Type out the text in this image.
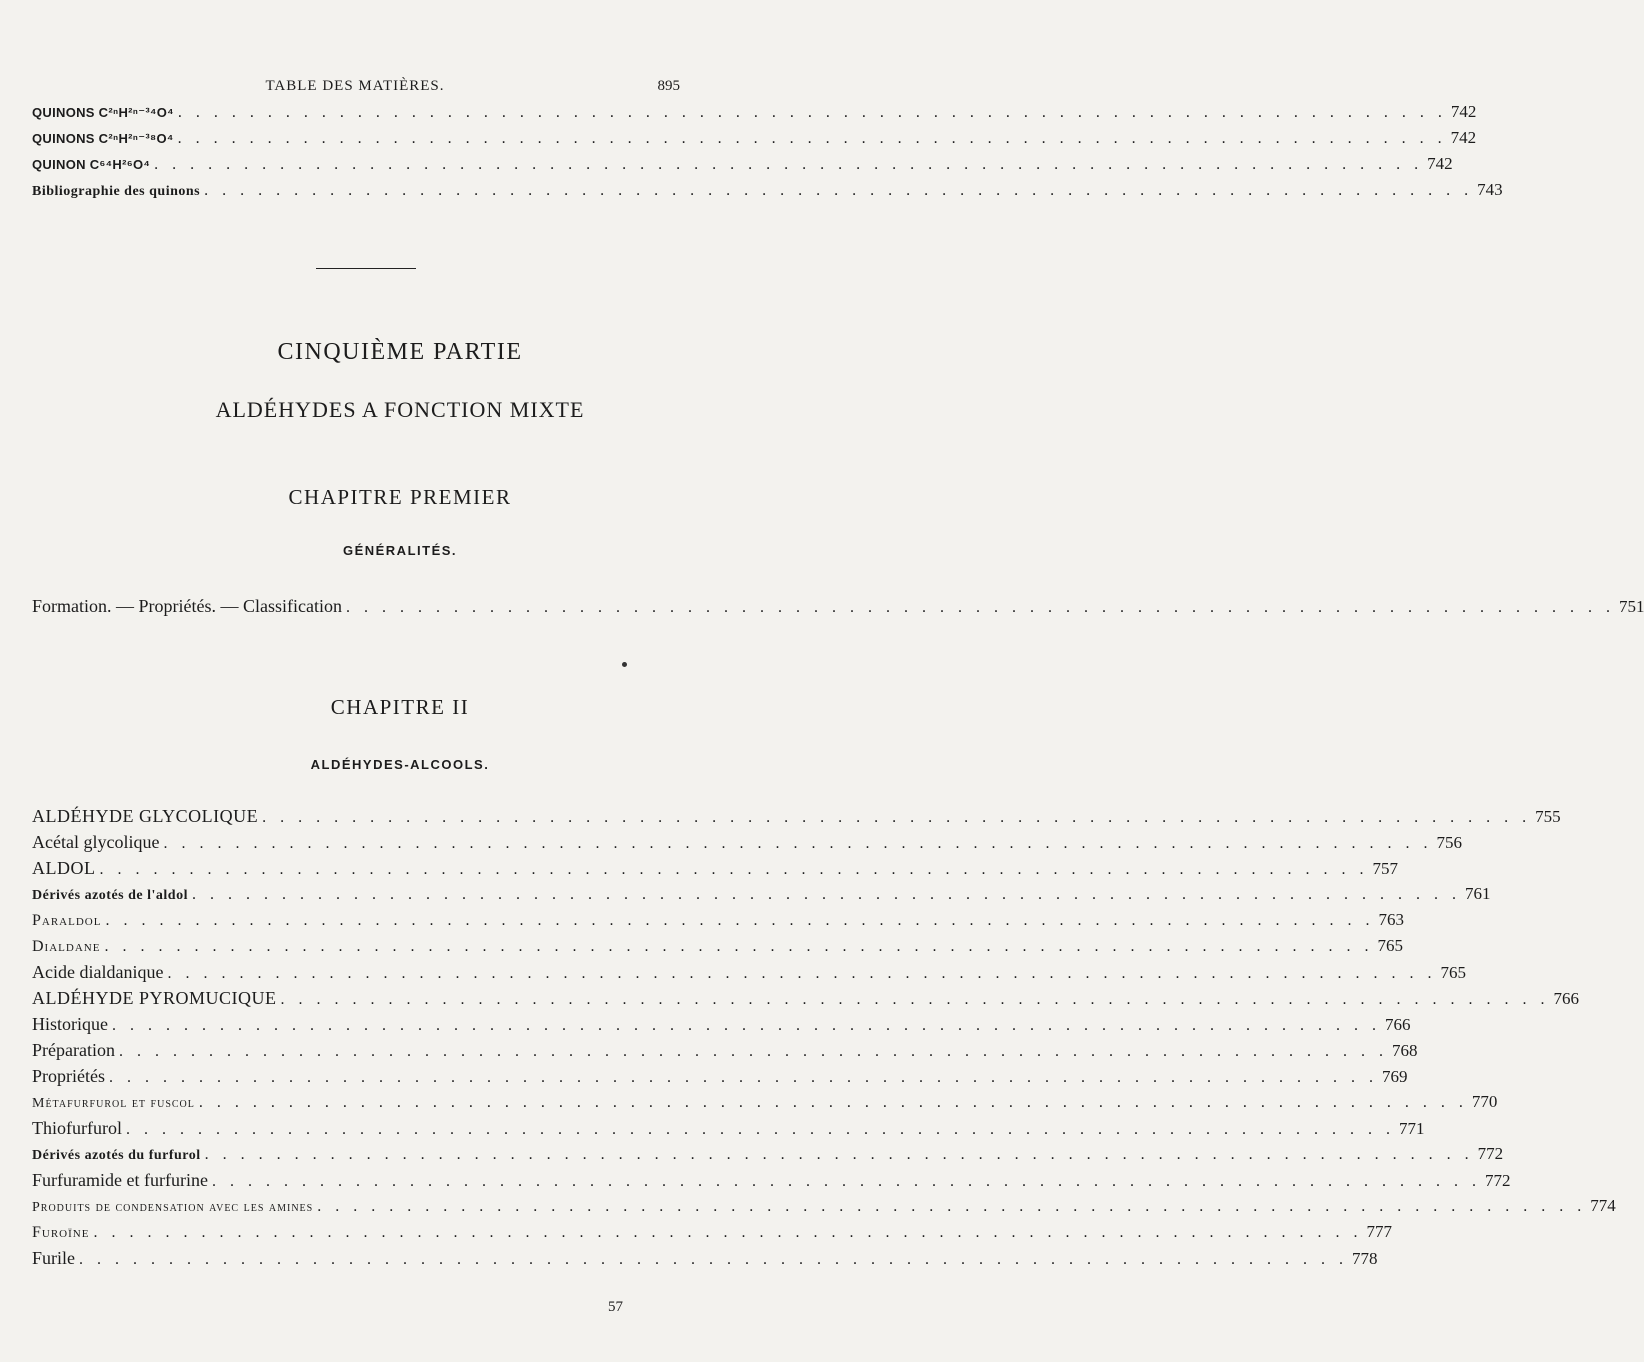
TABLE DES MATIÈRES.	895
QUINONS C²ⁿH²ⁿ⁻³⁴O⁴ . . . . . . . . . . . . . . . . . . . . . . . . . . . . . . . . . . . . . . . . . . . . . . . . . . . . . . . . . . . . . . . . . . . . . . . 742
QUINONS C²ⁿH²ⁿ⁻³⁸O⁴ . . . . . . . . . . . . . . . . . . . . . . . . . . . . . . . . . . . . . . . . . . . . . . . . . . . . . . . . . . . . . . . . . . . . . . . 742
QUINON C⁶⁴H²⁶O⁴ . . . . . . . . . . . . . . . . . . . . . . . . . . . . . . . . . . . . . . . . . . . . . . . . . . . . . . . . . . . . . . . . . . . . . . . 742
Bibliographie des quinons . . . . . . . . . . . . . . . . . . . . . . . . . . . . . . . . . . . . . . . . . . . . . . . . . . . . . . . . . . . . . . . . . . . . . . . 743
CINQUIÈME PARTIE
ALDÉHYDES A FONCTION MIXTE
CHAPITRE PREMIER
GÉNÉRALITÉS.
Formation. — Propriétés. — Classification . . . . . . . . . . . . . . . . . . . . . . . . . . . . . . . . . . . . . . . . . . . . . . . . . . . . . . . . . . . . . . . . . . . . . . . 751
CHAPITRE II
ALDÉHYDES-ALCOOLS.
ALDÉHYDE GLYCOLIQUE . . . . . . . . . . . . . . . . . . . . . . . . . . . . . . . . . . . . . . . . . . . . . . . . . . . . . . . . . . . . . . . . . . . . . . . 755
Acétal glycolique . . . . . . . . . . . . . . . . . . . . . . . . . . . . . . . . . . . . . . . . . . . . . . . . . . . . . . . . . . . . . . . . . . . . . . . 756
ALDOL . . . . . . . . . . . . . . . . . . . . . . . . . . . . . . . . . . . . . . . . . . . . . . . . . . . . . . . . . . . . . . . . . . . . . . . 757
Dérivés azotés de l'aldol . . . . . . . . . . . . . . . . . . . . . . . . . . . . . . . . . . . . . . . . . . . . . . . . . . . . . . . . . . . . . . . . . . . . . . . 761
Paraldol . . . . . . . . . . . . . . . . . . . . . . . . . . . . . . . . . . . . . . . . . . . . . . . . . . . . . . . . . . . . . . . . . . . . . . . 763
Dialdane . . . . . . . . . . . . . . . . . . . . . . . . . . . . . . . . . . . . . . . . . . . . . . . . . . . . . . . . . . . . . . . . . . . . . . . 765
Acide dialdanique . . . . . . . . . . . . . . . . . . . . . . . . . . . . . . . . . . . . . . . . . . . . . . . . . . . . . . . . . . . . . . . . . . . . . . . 765
ALDÉHYDE PYROMUCIQUE . . . . . . . . . . . . . . . . . . . . . . . . . . . . . . . . . . . . . . . . . . . . . . . . . . . . . . . . . . . . . . . . . . . . . . . 766
Historique . . . . . . . . . . . . . . . . . . . . . . . . . . . . . . . . . . . . . . . . . . . . . . . . . . . . . . . . . . . . . . . . . . . . . . . 766
Préparation . . . . . . . . . . . . . . . . . . . . . . . . . . . . . . . . . . . . . . . . . . . . . . . . . . . . . . . . . . . . . . . . . . . . . . . 768
Propriétés . . . . . . . . . . . . . . . . . . . . . . . . . . . . . . . . . . . . . . . . . . . . . . . . . . . . . . . . . . . . . . . . . . . . . . . 769
Métafurfurol et fuscol . . . . . . . . . . . . . . . . . . . . . . . . . . . . . . . . . . . . . . . . . . . . . . . . . . . . . . . . . . . . . . . . . . . . . . . 770
Thiofurfurol . . . . . . . . . . . . . . . . . . . . . . . . . . . . . . . . . . . . . . . . . . . . . . . . . . . . . . . . . . . . . . . . . . . . . . . 771
Dérivés azotés du furfurol . . . . . . . . . . . . . . . . . . . . . . . . . . . . . . . . . . . . . . . . . . . . . . . . . . . . . . . . . . . . . . . . . . . . . . . 772
Furfuramide et furfurine . . . . . . . . . . . . . . . . . . . . . . . . . . . . . . . . . . . . . . . . . . . . . . . . . . . . . . . . . . . . . . . . . . . . . . . 772
Produits de condensation avec les amines . . . . . . . . . . . . . . . . . . . . . . . . . . . . . . . . . . . . . . . . . . . . . . . . . . . . . . . . . . . . . . . . . . . . . . . 774
Furoïne . . . . . . . . . . . . . . . . . . . . . . . . . . . . . . . . . . . . . . . . . . . . . . . . . . . . . . . . . . . . . . . . . . . . . . . 777
Furile . . . . . . . . . . . . . . . . . . . . . . . . . . . . . . . . . . . . . . . . . . . . . . . . . . . . . . . . . . . . . . . . . . . . . . . 778
57
